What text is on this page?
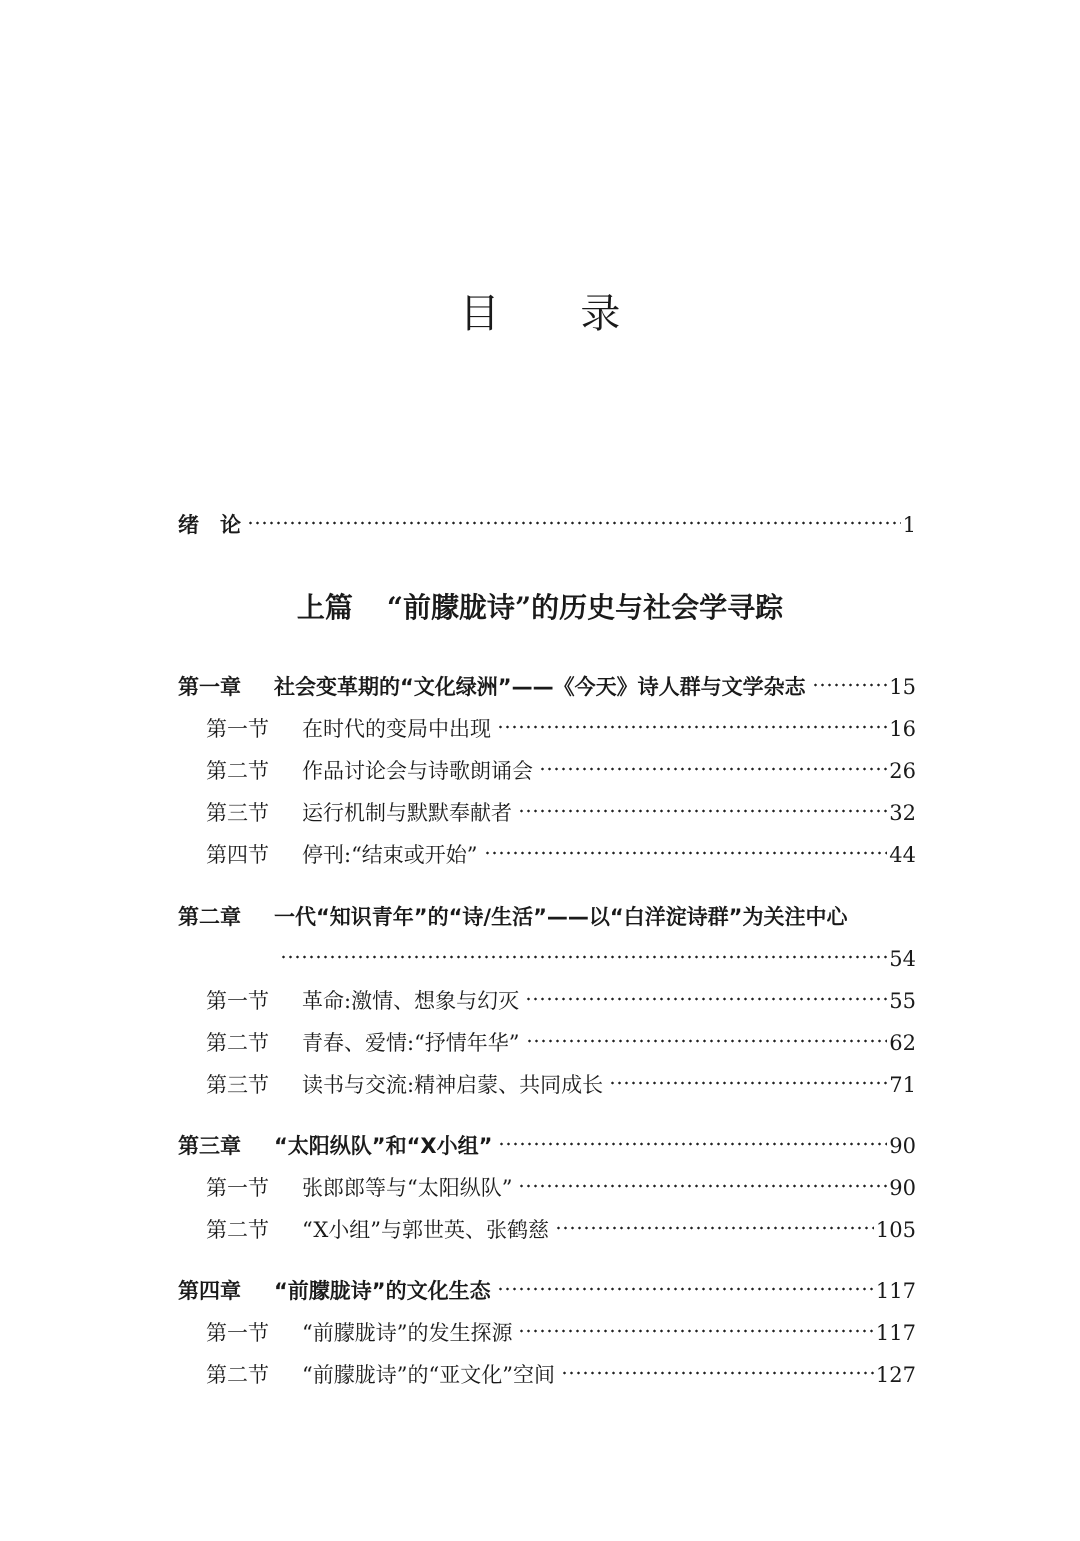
目 录
绪　论	1
第一章	社会变革期的“文化绿洲”——《今天》诗人群与文学杂志	15
第一节	在时代的变局中出现	16
第二节	作品讨论会与诗歌朗诵会	26
第三节	运行机制与默默奉献者	32
第四节	停刊:“结束或开始”	44
第二章	一代“知识青年”的“诗/生活”——以“白洋淀诗群”为关注中心
54
第一节	革命:激情、想象与幻灭	55
第二节	青春、爱情:“抒情年华”	62
第三节	读书与交流:精神启蒙、共同成长	71
第三章	“太阳纵队”和“X小组”	90
第一节	张郎郎等与“太阳纵队”	90
第二节	“X小组”与郭世英、张鹤慈	105
第四章	“前朦胧诗”的文化生态	117
第一节	“前朦胧诗”的发生探源	117
第二节	“前朦胧诗”的“亚文化”空间	127
上篇 “前朦胧诗”的历史与社会学寻踪
